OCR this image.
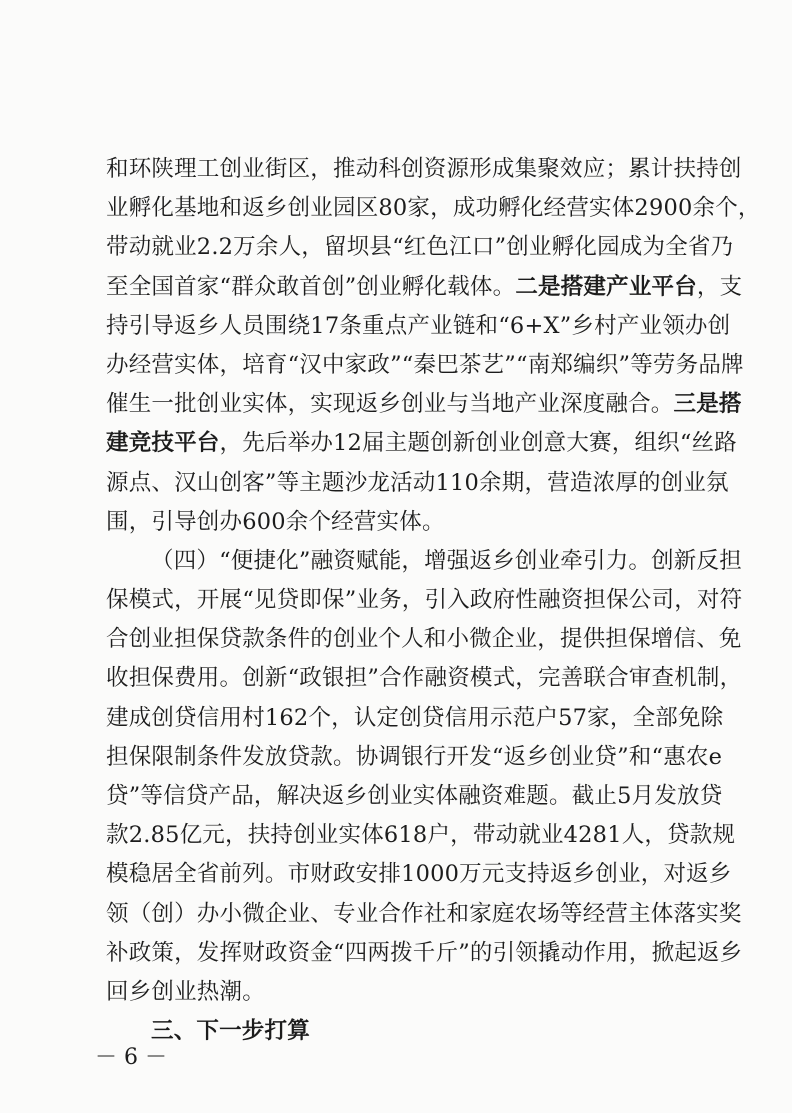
和环陕理工创业街区，推动科创资源形成集聚效应；累计扶持创
业孵化基地和返乡创业园区80家，成功孵化经营实体2900余个，
带动就业2.2万余人，留坝县“红色江口”创业孵化园成为全省乃
至全国首家“群众敢首创”创业孵化载体。二是搭建产业平台，支
持引导返乡人员围绕17条重点产业链和“6+X”乡村产业领办创
办经营实体，培育“汉中家政”“秦巴茶艺”“南郑编织”等劳务品牌
催生一批创业实体，实现返乡创业与当地产业深度融合。三是搭
建竞技平台，先后举办12届主题创新创业创意大赛，组织“丝路
源点、汉山创客”等主题沙龙活动110余期，营造浓厚的创业氛
围，引导创办600余个经营实体。
（四）“便捷化”融资赋能，增强返乡创业牵引力。创新反担
保模式，开展“见贷即保”业务，引入政府性融资担保公司，对符
合创业担保贷款条件的创业个人和小微企业，提供担保增信、免
收担保费用。创新“政银担”合作融资模式，完善联合审查机制，
建成创贷信用村162个，认定创贷信用示范户57家，全部免除
担保限制条件发放贷款。协调银行开发“返乡创业贷”和“惠农e
贷”等信贷产品，解决返乡创业实体融资难题。截止5月发放贷
款2.85亿元，扶持创业实体618户，带动就业4281人，贷款规
模稳居全省前列。市财政安排1000万元支持返乡创业，对返乡
领（创）办小微企业、专业合作社和家庭农场等经营主体落实奖
补政策，发挥财政资金“四两拨千斤”的引领撬动作用，掀起返乡
回乡创业热潮。
三、下一步打算
－ 6 －
